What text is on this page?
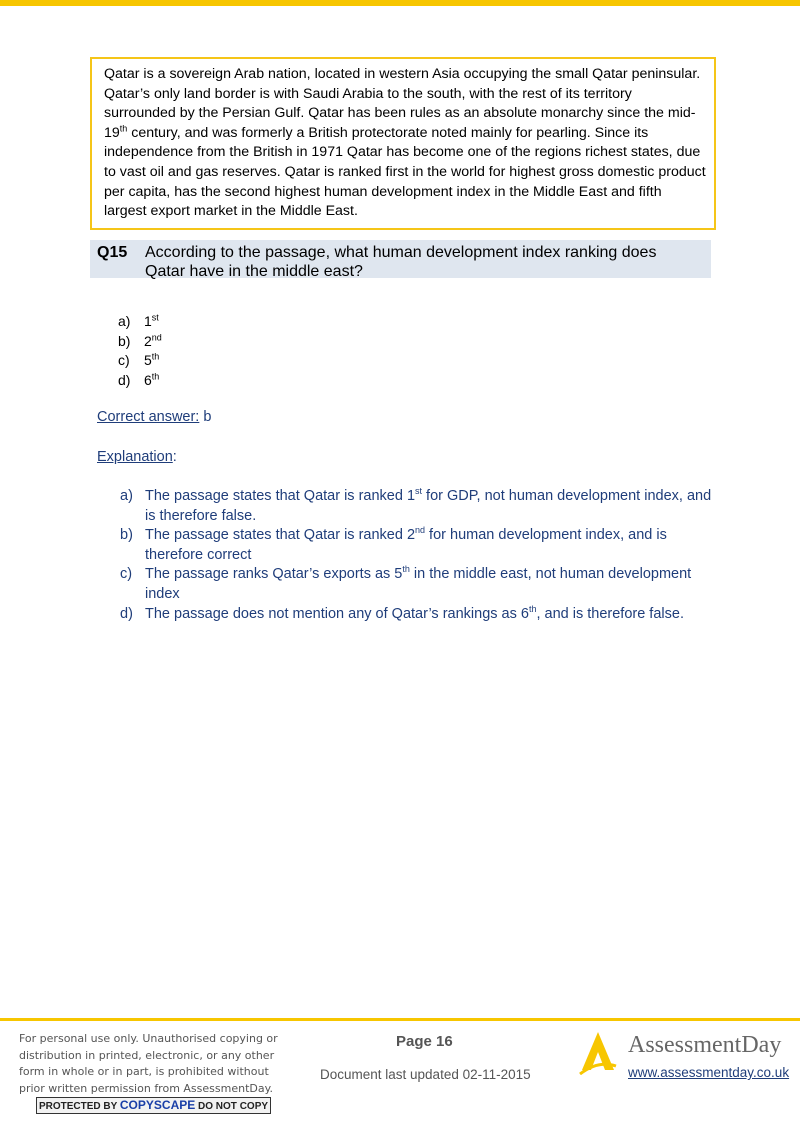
Qatar is a sovereign Arab nation, located in western Asia occupying the small Qatar peninsular. Qatar’s only land border is with Saudi Arabia to the south, with the rest of its territory surrounded by the Persian Gulf. Qatar has been rules as an absolute monarchy since the mid-19th century, and was formerly a British protectorate noted mainly for pearling. Since its independence from the British in 1971 Qatar has become one of the regions richest states, due to vast oil and gas reserves. Qatar is ranked first in the world for highest gross domestic product per capita, has the second highest human development index in the Middle East and fifth largest export market in the Middle East.
Q15 According to the passage, what human development index ranking does Qatar have in the middle east?
a) 1st
b) 2nd
c)	5th
d) 6th
Correct answer: b
Explanation:
a) The passage states that Qatar is ranked 1st for GDP, not human development index, and is therefore false.
b) The passage states that Qatar is ranked 2nd for human development index, and is therefore correct
c) The passage ranks Qatar’s exports as 5th in the middle east, not human development index
d) The passage does not mention any of Qatar’s rankings as 6th, and is therefore false.
For personal use only. Unauthorised copying or distribution in printed, electronic, or any other form in whole or in part, is prohibited without prior written permission from AssessmentDay.
PROTECTED BY COPYSCAPE DO NOT COPY
Page 16
Document last updated 02-11-2015
AssessmentDay
www.assessmentday.co.uk
